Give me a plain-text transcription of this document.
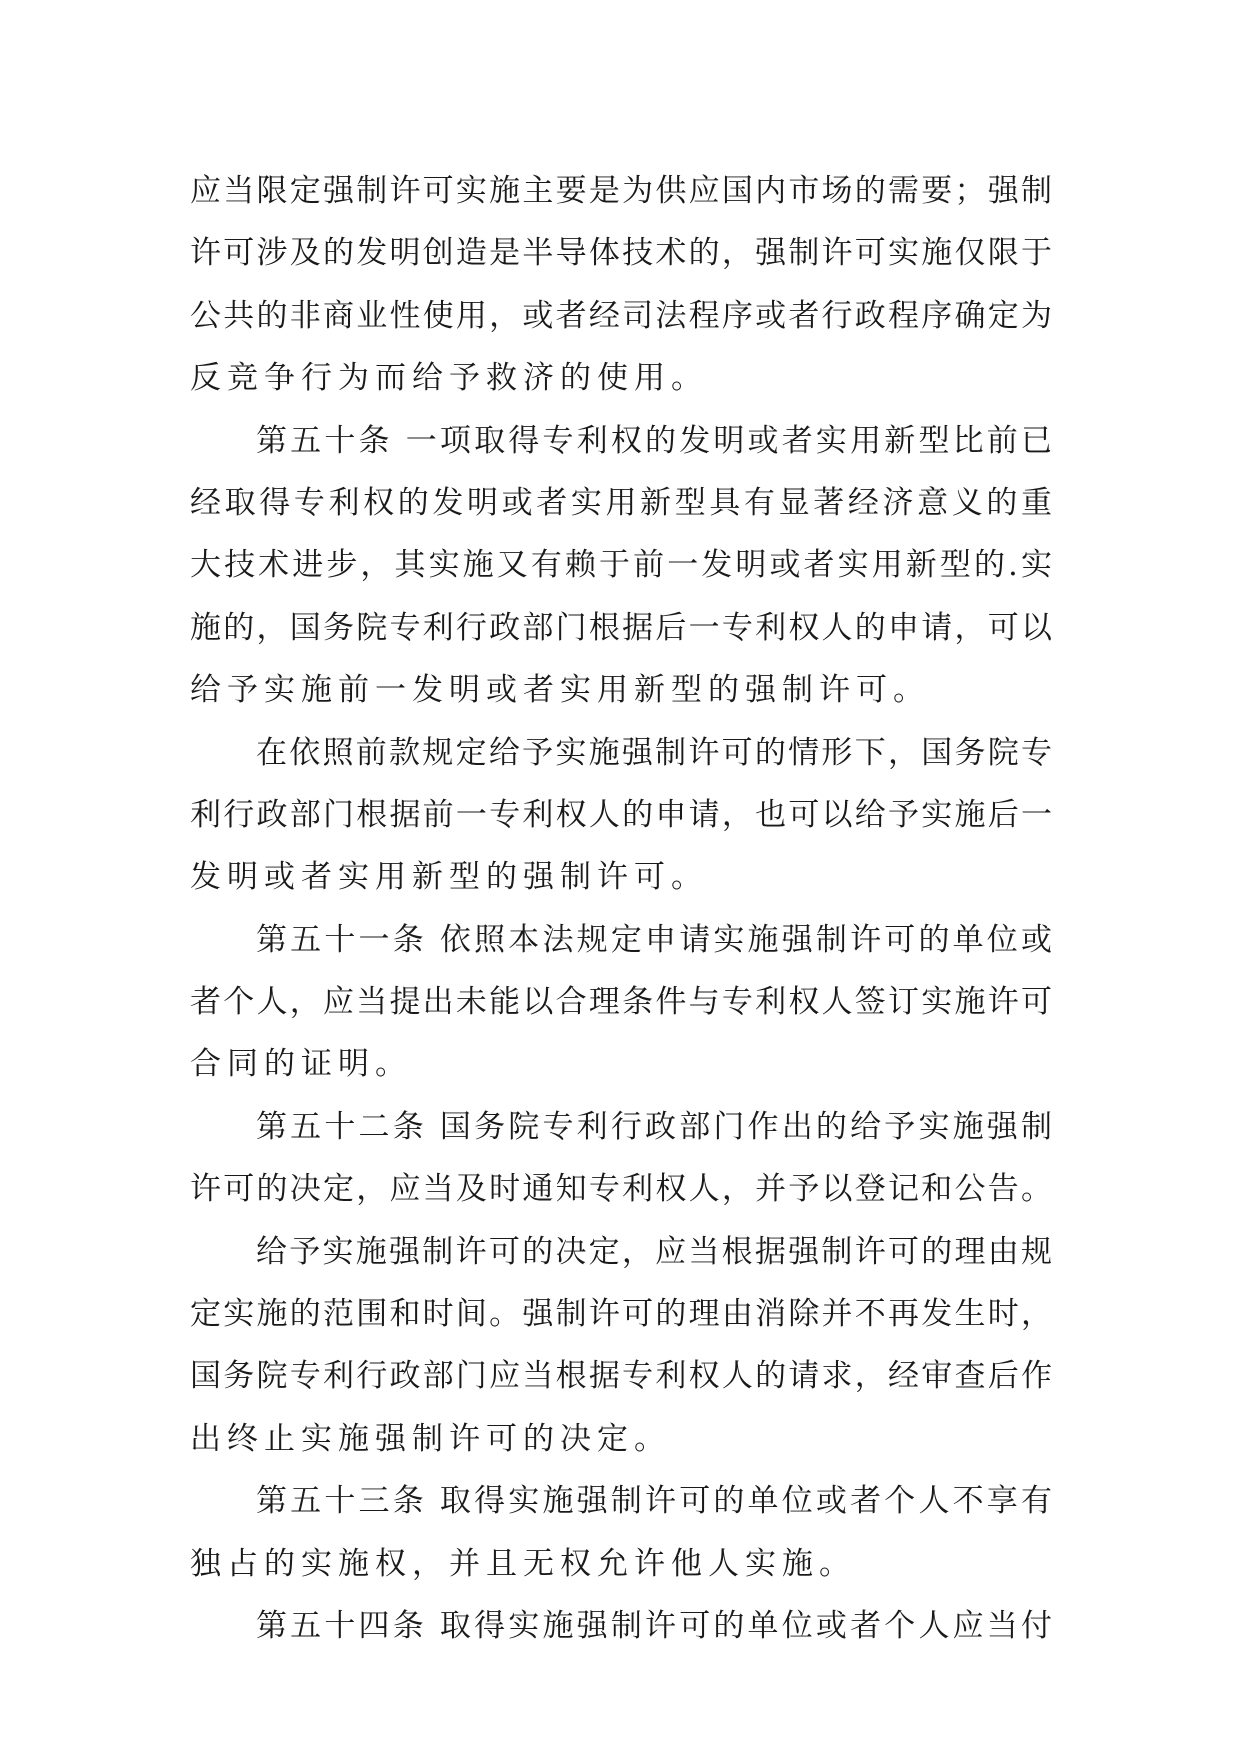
应当限定强制许可实施主要是为供应国内市场的需要；强制
许可涉及的发明创造是半导体技术的，强制许可实施仅限于
公共的非商业性使用，或者经司法程序或者行政程序确定为
反竞争行为而给予救济的使用。
第五十条 一项取得专利权的发明或者实用新型比前已
经取得专利权的发明或者实用新型具有显著经济意义的重
大技术进步，其实施又有赖于前一发明或者实用新型的.实
施的，国务院专利行政部门根据后一专利权人的申请，可以
给予实施前一发明或者实用新型的强制许可。
在依照前款规定给予实施强制许可的情形下，国务院专
利行政部门根据前一专利权人的申请，也可以给予实施后一
发明或者实用新型的强制许可。
第五十一条 依照本法规定申请实施强制许可的单位或
者个人，应当提出未能以合理条件与专利权人签订实施许可
合同的证明。
第五十二条 国务院专利行政部门作出的给予实施强制
许可的决定，应当及时通知专利权人，并予以登记和公告。
给予实施强制许可的决定，应当根据强制许可的理由规
定实施的范围和时间。强制许可的理由消除并不再发生时，
国务院专利行政部门应当根据专利权人的请求，经审查后作
出终止实施强制许可的决定。
第五十三条 取得实施强制许可的单位或者个人不享有
独占的实施权，并且无权允许他人实施。
第五十四条 取得实施强制许可的单位或者个人应当付
